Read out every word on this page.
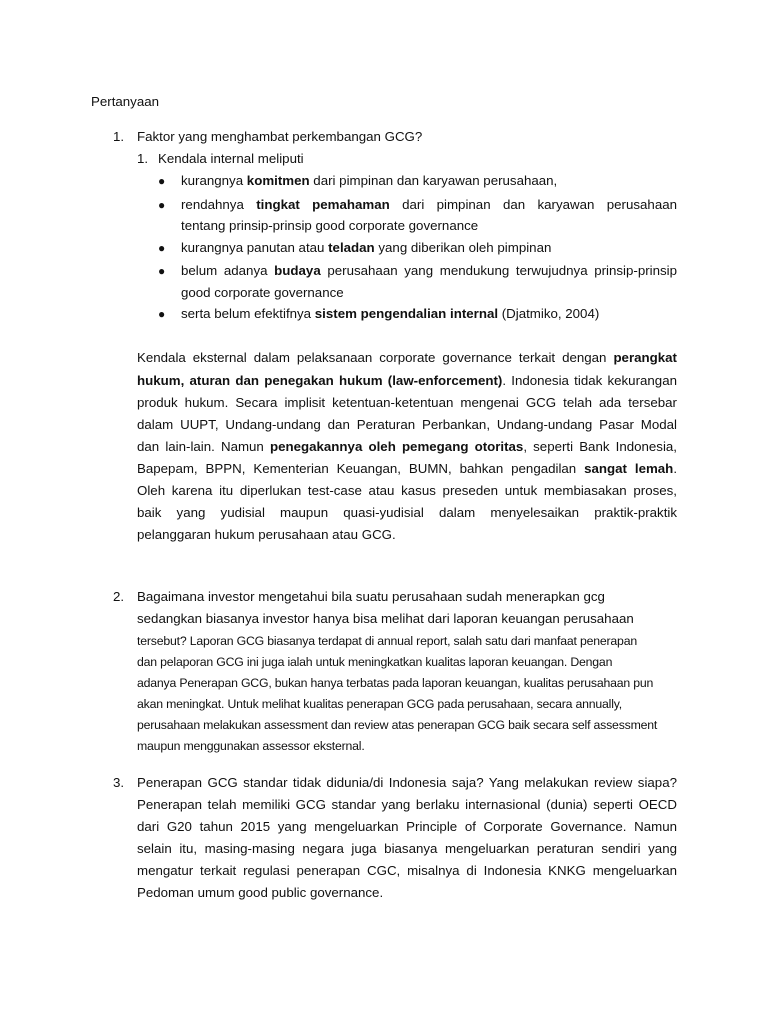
Pertanyaan
1. Faktor yang menghambat perkembangan GCG?
1. Kendala internal meliputi
● kurangnya komitmen dari pimpinan dan karyawan perusahaan,
● rendahnya tingkat pemahaman dari pimpinan dan karyawan perusahaan
tentang prinsip-prinsip good corporate governance
● kurangnya panutan atau teladan yang diberikan oleh pimpinan
● belum adanya budaya perusahaan yang mendukung terwujudnya prinsip-prinsip
good corporate governance
● serta belum efektifnya sistem pengendalian internal (Djatmiko, 2004)
Kendala eksternal dalam pelaksanaan corporate governance terkait dengan perangkat
hukum, aturan dan penegakan hukum (law-enforcement). Indonesia tidak kekurangan
produk hukum. Secara implisit ketentuan-ketentuan mengenai GCG telah ada tersebar
dalam UUPT, Undang-undang dan Peraturan Perbankan, Undang-undang Pasar Modal
dan lain-lain. Namun penegakannya oleh pemegang otoritas, seperti Bank Indonesia,
Bapepam, BPPN, Kementerian Keuangan, BUMN, bahkan pengadilan sangat lemah.
Oleh karena itu diperlukan test-case atau kasus preseden untuk membiasakan proses,
baik yang yudisial maupun quasi-yudisial dalam menyelesaikan praktik-praktik
pelanggaran hukum perusahaan atau GCG.
2. Bagaimana investor mengetahui bila suatu perusahaan sudah menerapkan gcg
sedangkan biasanya investor hanya bisa melihat dari laporan keuangan perusahaan
tersebut? Laporan GCG biasanya terdapat di annual report, salah satu dari manfaat penerapan
dan pelaporan GCG ini juga ialah untuk meningkatkan kualitas laporan keuangan. Dengan
adanya Penerapan GCG, bukan hanya terbatas pada laporan keuangan, kualitas perusahaan pun
akan meningkat. Untuk melihat kualitas penerapan GCG pada perusahaan, secara annually,
perusahaan melakukan assessment dan review atas penerapan GCG baik secara self assessment
maupun menggunakan assessor eksternal.
3. Penerapan GCG standar tidak didunia/di Indonesia saja? Yang melakukan review siapa?
Penerapan telah memiliki GCG standar yang berlaku internasional (dunia) seperti OECD
dari G20 tahun 2015 yang mengeluarkan Principle of Corporate Governance. Namun
selain itu, masing-masing negara juga biasanya mengeluarkan peraturan sendiri yang
mengatur terkait regulasi penerapan CGC, misalnya di Indonesia KNKG mengeluarkan
Pedoman umum good public governance.
